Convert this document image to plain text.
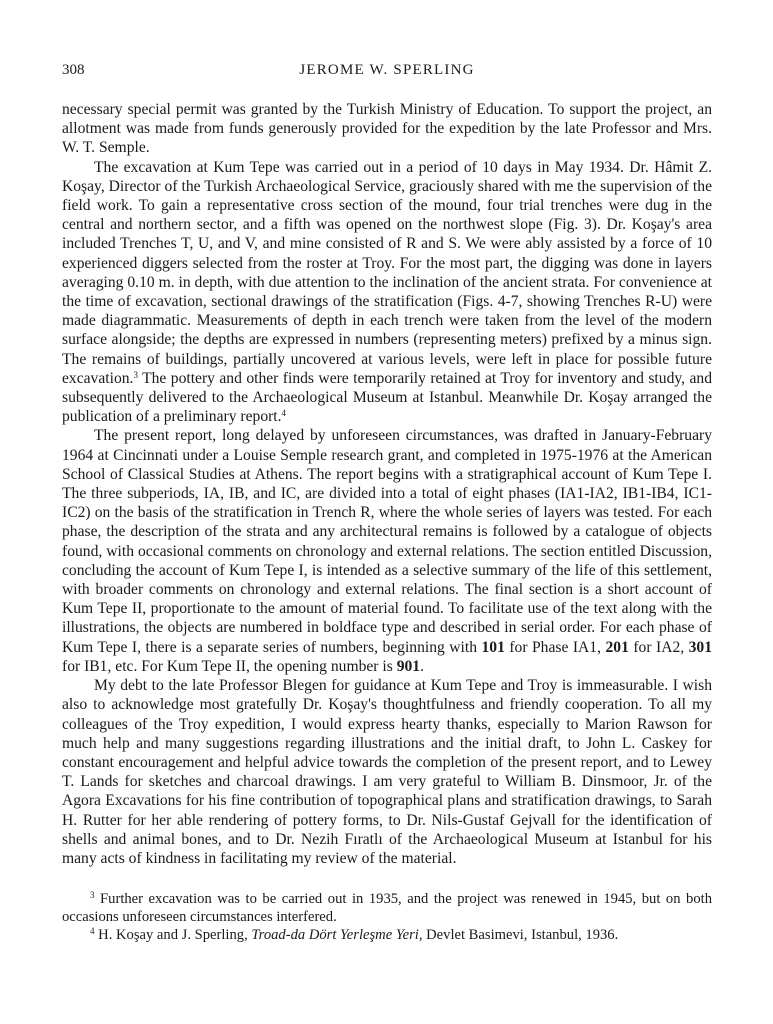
308	JEROME W. SPERLING

necessary special permit was granted by the Turkish Ministry of Education. To support the project, an allotment was made from funds generously provided for the expedition by the late Professor and Mrs. W. T. Semple.

The excavation at Kum Tepe was carried out in a period of 10 days in May 1934. Dr. Hâmit Z. Koşay, Director of the Turkish Archaeological Service, graciously shared with me the supervision of the field work. To gain a representative cross section of the mound, four trial trenches were dug in the central and northern sector, and a fifth was opened on the northwest slope (Fig. 3). Dr. Koşay's area included Trenches T, U, and V, and mine consisted of R and S. We were ably assisted by a force of 10 experienced diggers selected from the roster at Troy. For the most part, the digging was done in layers averaging 0.10 m. in depth, with due attention to the inclination of the ancient strata. For convenience at the time of excavation, sectional drawings of the stratification (Figs. 4-7, showing Trenches R-U) were made diagrammatic. Measurements of depth in each trench were taken from the level of the modern surface alongside; the depths are expressed in numbers (representing meters) prefixed by a minus sign. The remains of buildings, partially uncovered at various levels, were left in place for possible future excavation.$^3$ The pottery and other finds were temporarily retained at Troy for inventory and study, and subsequently delivered to the Archaeological Museum at Istanbul. Meanwhile Dr. Koşay arranged the publication of a preliminary report.$^4$

The present report, long delayed by unforeseen circumstances, was drafted in January-February 1964 at Cincinnati under a Louise Semple research grant, and completed in 1975-1976 at the American School of Classical Studies at Athens. The report begins with a stratigraphical account of Kum Tepe I. The three subperiods, IA, IB, and IC, are divided into a total of eight phases (IA1-IA2, IB1-IB4, IC1-IC2) on the basis of the stratification in Trench R, where the whole series of layers was tested. For each phase, the description of the strata and any architectural remains is followed by a catalogue of objects found, with occasional comments on chronology and external relations. The section entitled Discussion, concluding the account of Kum Tepe I, is intended as a selective summary of the life of this settlement, with broader comments on chronology and external relations. The final section is a short account of Kum Tepe II, proportionate to the amount of material found. To facilitate use of the text along with the illustrations, the objects are numbered in boldface type and described in serial order. For each phase of Kum Tepe I, there is a separate series of numbers, beginning with 101 for Phase IA1, 201 for IA2, 301 for IB1, etc. For Kum Tepe II, the opening number is 901.

My debt to the late Professor Blegen for guidance at Kum Tepe and Troy is immeasurable. I wish also to acknowledge most gratefully Dr. Koşay's thoughtfulness and friendly cooperation. To all my colleagues of the Troy expedition, I would express hearty thanks, especially to Marion Rawson for much help and many suggestions regarding illustrations and the initial draft, to John L. Caskey for constant encouragement and helpful advice towards the completion of the present report, and to Lewey T. Lands for sketches and charcoal drawings. I am very grateful to William B. Dinsmoor, Jr. of the Agora Excavations for his fine contribution of topographical plans and stratification drawings, to Sarah H. Rutter for her able rendering of pottery forms, to Dr. Nils-Gustaf Gejvall for the identification of shells and animal bones, and to Dr. Nezih Fıratlı of the Archaeological Museum at Istanbul for his many acts of kindness in facilitating my review of the material.

$^3$ Further excavation was to be carried out in 1935, and the project was renewed in 1945, but on both occasions unforeseen circumstances interfered.

$^4$ H. Koşay and J. Sperling, Troad-da Dört Yerleşme Yeri, Devlet Basimevi, Istanbul, 1936.
